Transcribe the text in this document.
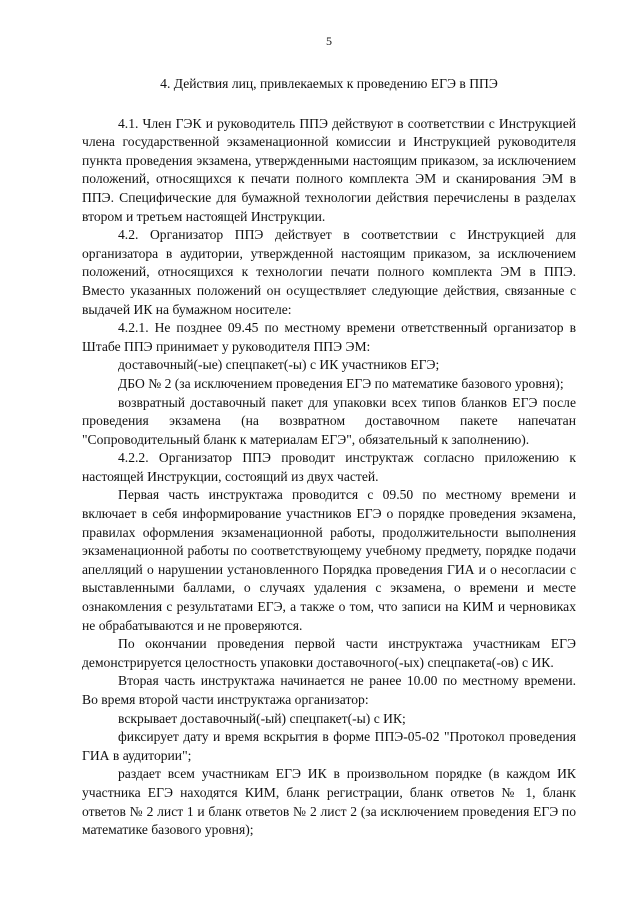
5
4. Действия лиц, привлекаемых к проведению ЕГЭ в ППЭ

4.1. Член ГЭК и руководитель ППЭ действуют в соответствии с Инструкцией члена государственной экзаменационной комиссии и Инструкцией руководителя пункта проведения экзамена, утвержденными настоящим приказом, за исключением положений, относящихся к печати полного комплекта ЭМ и сканирования ЭМ в ППЭ. Специфические для бумажной технологии действия перечислены в разделах втором и третьем настоящей Инструкции.

4.2. Организатор ППЭ действует в соответствии с Инструкцией для организатора в аудитории, утвержденной настоящим приказом, за исключением положений, относящихся к технологии печати полного комплекта ЭМ в ППЭ. Вместо указанных положений он осуществляет следующие действия, связанные с выдачей ИК на бумажном носителе:

4.2.1. Не позднее 09.45 по местному времени ответственный организатор в Штабе ППЭ принимает у руководителя ППЭ ЭМ:

доставочный(-ые) спецпакет(-ы) с ИК участников ЕГЭ;

ДБО № 2 (за исключением проведения ЕГЭ по математике базового уровня);

возвратный доставочный пакет для упаковки всех типов бланков ЕГЭ после проведения экзамена (на возвратном доставочном пакете напечатан "Сопроводительный бланк к материалам ЕГЭ", обязательный к заполнению).

4.2.2. Организатор ППЭ проводит инструктаж согласно приложению к настоящей Инструкции, состоящий из двух частей.

Первая часть инструктажа проводится с 09.50 по местному времени и включает в себя информирование участников ЕГЭ о порядке проведения экзамена, правилах оформления экзаменационной работы, продолжительности выполнения экзаменационной работы по соответствующему учебному предмету, порядке подачи апелляций о нарушении установленного Порядка проведения ГИА и о несогласии с выставленными баллами, о случаях удаления с экзамена, о времени и месте ознакомления с результатами ЕГЭ, а также о том, что записи на КИМ и черновиках не обрабатываются и не проверяются.

По окончании проведения первой части инструктажа участникам ЕГЭ демонстрируется целостность упаковки доставочного(-ых) спецпакета(-ов) с ИК.

Вторая часть инструктажа начинается не ранее 10.00 по местному времени. Во время второй части инструктажа организатор:

вскрывает доставочный(-ый) спецпакет(-ы) с ИК;

фиксирует дату и время вскрытия в форме ППЭ-05-02 "Протокол проведения ГИА в аудитории";

раздает всем участникам ЕГЭ ИК в произвольном порядке (в каждом ИК участника ЕГЭ находятся КИМ, бланк регистрации, бланк ответов № 1, бланк ответов № 2 лист 1 и бланк ответов № 2 лист 2 (за исключением проведения ЕГЭ по математике базового уровня);
